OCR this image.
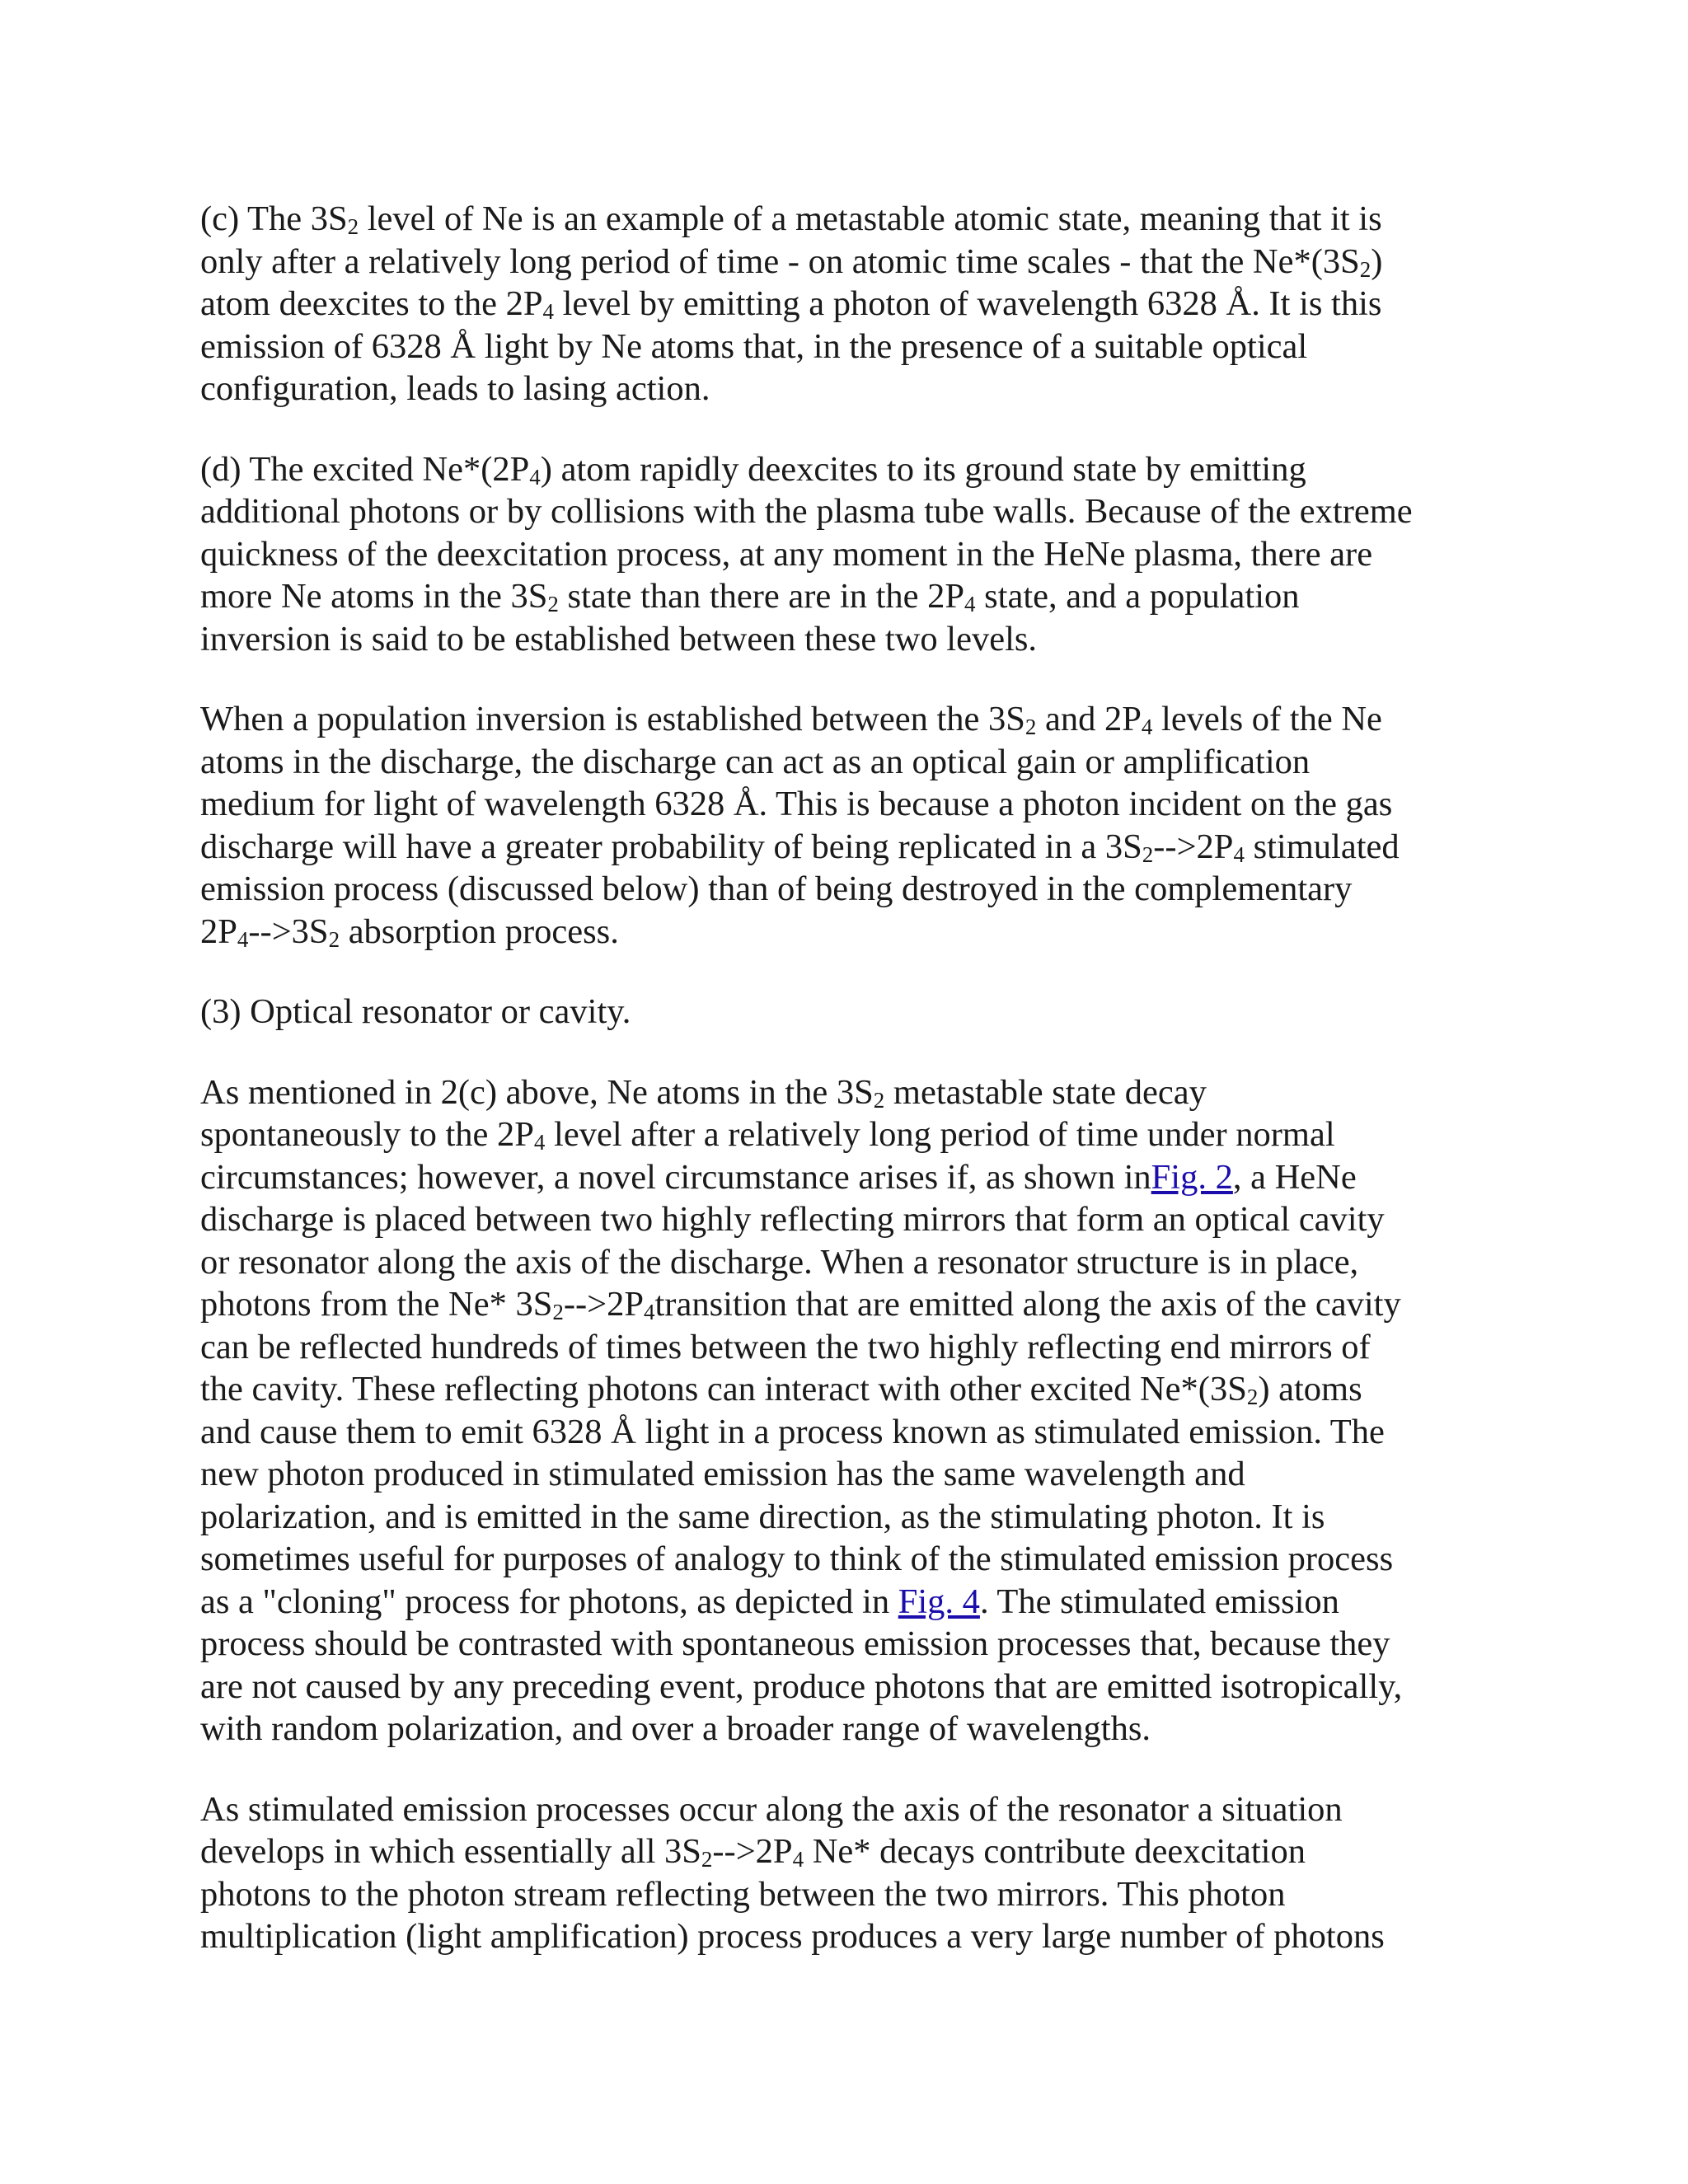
(c) The $3S_2$ level of Ne is an example of a metastable atomic state, meaning that it is
only after a relatively long period of time - on atomic time scales - that the $Ne*(3S_2)$
atom deexcites to the $2P_4$ level by emitting a photon of wavelength 6328 Å. It is this
emission of 6328 Å light by Ne atoms that, in the presence of a suitable optical
configuration, leads to lasing action.

(d) The excited $Ne*(2P_4)$ atom rapidly deexcites to its ground state by emitting
additional photons or by collisions with the plasma tube walls. Because of the extreme
quickness of the deexcitation process, at any moment in the HeNe plasma, there are
more Ne atoms in the $3S_2$ state than there are in the $2P_4$ state, and a population
inversion is said to be established between these two levels.

When a population inversion is established between the $3S_2$ and $2P_4$ levels of the Ne
atoms in the discharge, the discharge can act as an optical gain or amplification
medium for light of wavelength 6328 Å. This is because a photon incident on the gas
discharge will have a greater probability of being replicated in a $3S_2-->2P_4$ stimulated
emission process (discussed below) than of being destroyed in the complementary
$2P_4-->3S_2$ absorption process.

(3) Optical resonator or cavity.

As mentioned in 2(c) above, Ne atoms in the $3S_2$ metastable state decay
spontaneously to the $2P_4$ level after a relatively long period of time under normal
circumstances; however, a novel circumstance arises if, as shown inFig. 2, a HeNe
discharge is placed between two highly reflecting mirrors that form an optical cavity
or resonator along the axis of the discharge. When a resonator structure is in place,
photons from the Ne* $3S_2-->2P_4transition$ that are emitted along the axis of the cavity
can be reflected hundreds of times between the two highly reflecting end mirrors of
the cavity. These reflecting photons can interact with other excited $Ne*(3S_2)$ atoms
and cause them to emit 6328 Å light in a process known as stimulated emission. The
new photon produced in stimulated emission has the same wavelength and
polarization, and is emitted in the same direction, as the stimulating photon. It is
sometimes useful for purposes of analogy to think of the stimulated emission process
as a "cloning" process for photons, as depicted in Fig. 4. The stimulated emission
process should be contrasted with spontaneous emission processes that, because they
are not caused by any preceding event, produce photons that are emitted isotropically,
with random polarization, and over a broader range of wavelengths.

As stimulated emission processes occur along the axis of the resonator a situation
develops in which essentially all $3S_2-->2P_4$ Ne* decays contribute deexcitation
photons to the photon stream reflecting between the two mirrors. This photon
multiplication (light amplification) process produces a very large number of photons
